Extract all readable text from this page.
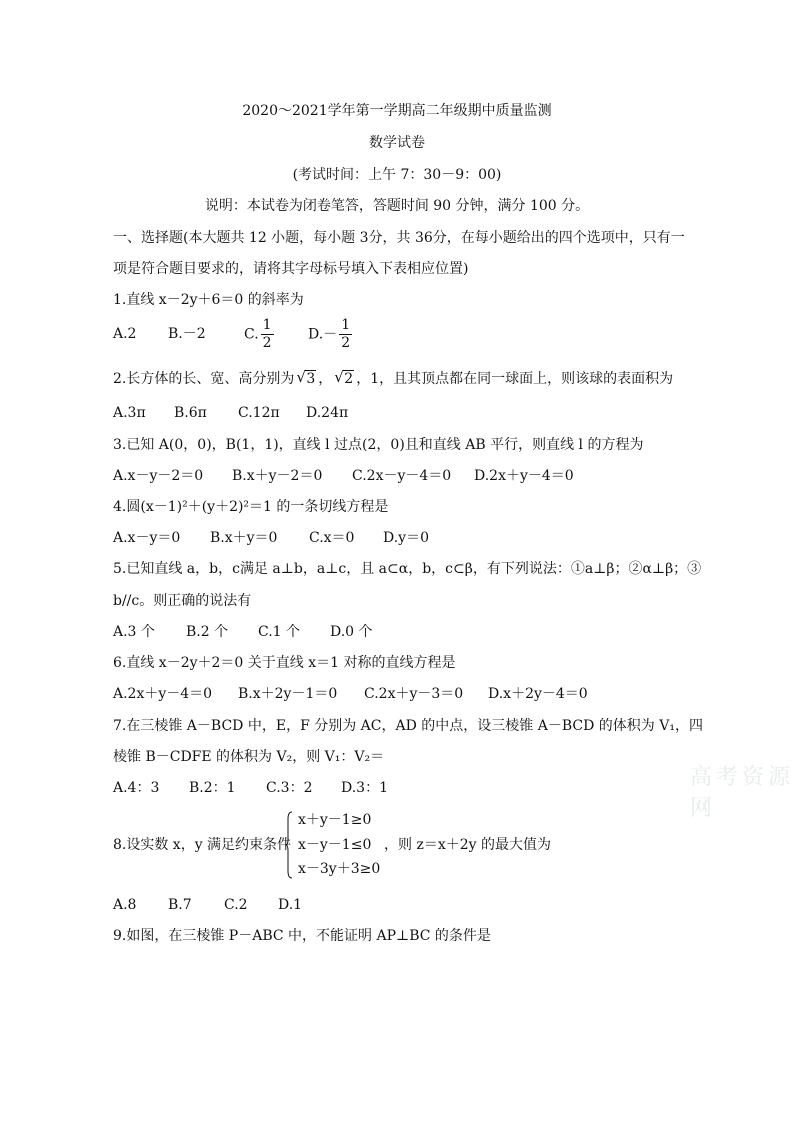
2020～2021学年第一学期高二年级期中质量监测
数学试卷
(考试时间：上午 7：30－9：00)
说明：本试卷为闭卷笔答，答题时间 90 分钟，满分 100 分。
一、选择题(本大题共 12 小题，每小题 3分，共 36分，在每小题给出的四个选项中，只有一
项是符合题目要求的，请将其字母标号填入下表相应位置)
1.直线 x－2y＋6＝0 的斜率为
A.2 B.－2	C. $\frac{1}{2} D.- \frac{1}{2}$
2.长方体的长、宽、高分别为 √ 3 ， √ 2 ，1，且其顶点都在同一球面上，则该球的表面积为
A.3π B.6π C.12π D.24π
3.已知 A(0，0)，B(1，1)，直线 l 过点(2，0)且和直线 AB 平行，则直线 l 的方程为
A.x－y－2＝0 B.x＋y－2＝0 C.2x－y－4＝0 D.2x＋y－4＝0
4.圆(x－1)²＋(y＋2)²＝1 的一条切线方程是
A.x－y＝0 B.x＋y＝0 C.x＝0 D.y＝0
5.已知直线 a，b，c满足 a⊥b，a⊥c，且 a⊂α，b，c⊂β，有下列说法：①a⊥β；②α⊥β；③
b//c。则正确的说法有
A.3 个 B.2 个 C.1 个 D.0 个
6.直线 x－2y＋2＝0 关于直线 x＝1 对称的直线方程是
A.2x＋y－4＝0 B.x＋2y－1＝0 C.2x＋y－3＝0 D.x＋2y－4＝0
7.在三棱锥 A－BCD 中，E，F 分别为 AC，AD 的中点，设三棱锥 A－BCD 的体积为 V₁，四
棱锥 B－CDFE 的体积为 V₂，则 V₁：V₂＝
A.4：3 B.2：1 C.3：2 D.3：1	高考资源网
8.设实数 x，y 满足约束条件
x＋y－1≥0
x－y－1≤0
x－3y＋3≥0
，则 z＝x＋2y 的最大值为
A.8 B.7 C.2 D.1
9.如图，在三棱锥 P－ABC 中，不能证明 AP⊥BC 的条件是
